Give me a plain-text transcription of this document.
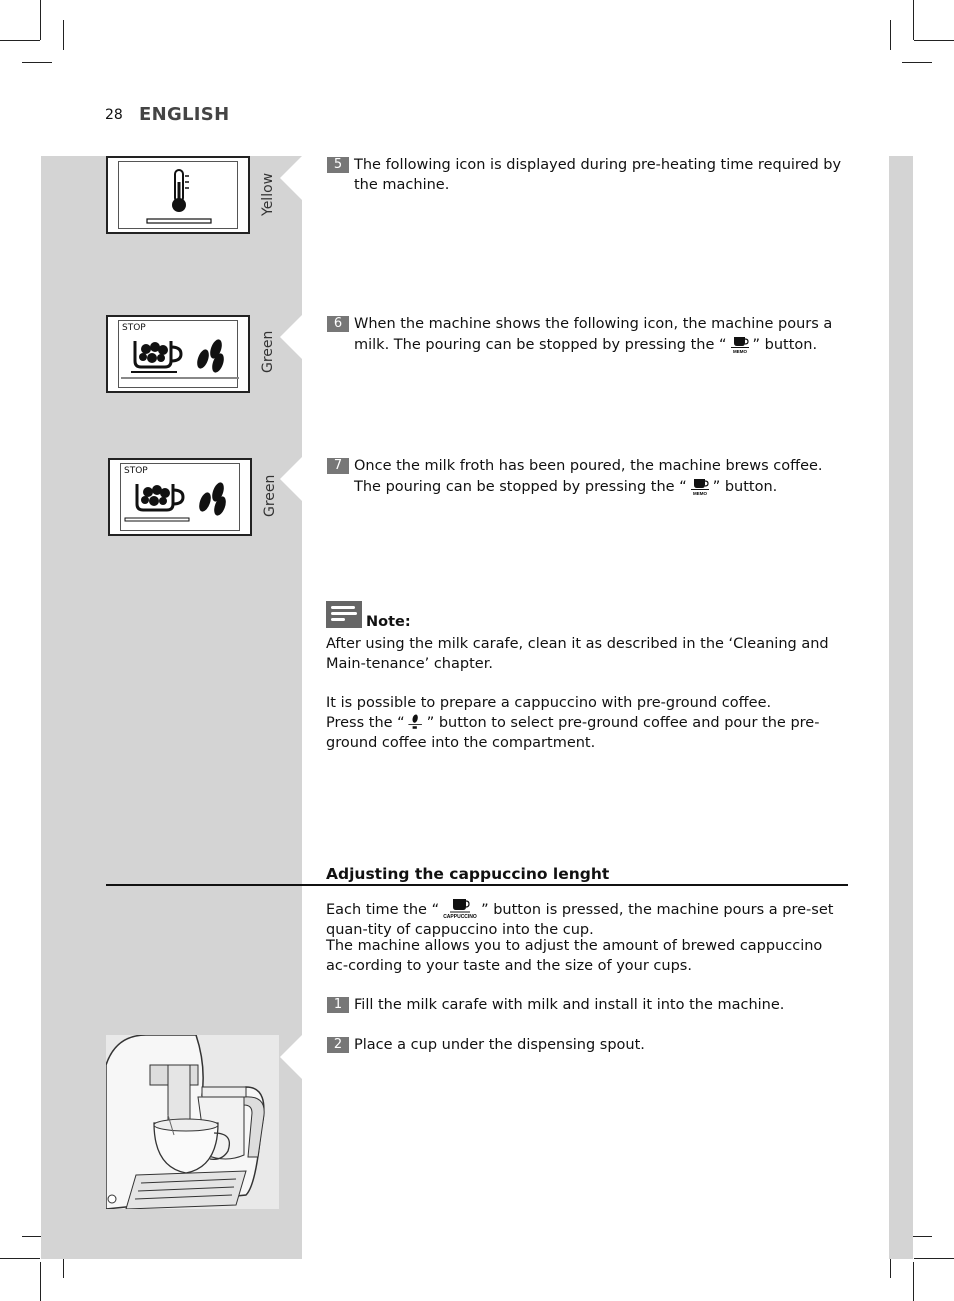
28 ENGLISH
Yellow
STOP
Green
STOP
Green
5 The following icon is displayed during pre-heating time required by the machine.
6 When the machine shows the following icon, the machine pours a milk. The pouring can be stopped by pressing the “ MEMO ” button.
7 Once the milk froth has been poured, the machine brews coffee. The pouring can be stopped by pressing the “ MEMO ” button.
Note:
After using the milk carafe, clean it as described in the ‘Cleaning and Main-tenance’ chapter.
It is possible to prepare a cappuccino with pre-ground coffee.
Press the “ ” button to select pre-ground coffee and pour the pre-ground coffee into the compartment.
Adjusting the cappuccino lenght
Each time the “ CAPPUCCINO ” button is pressed, the machine pours a pre-set quan-tity of cappuccino into the cup.
The machine allows you to adjust the amount of brewed cappuccino ac-cording to your taste and the size of your cups.
1 Fill the milk carafe with milk and install it into the machine.
2 Place a cup under the dispensing spout.
